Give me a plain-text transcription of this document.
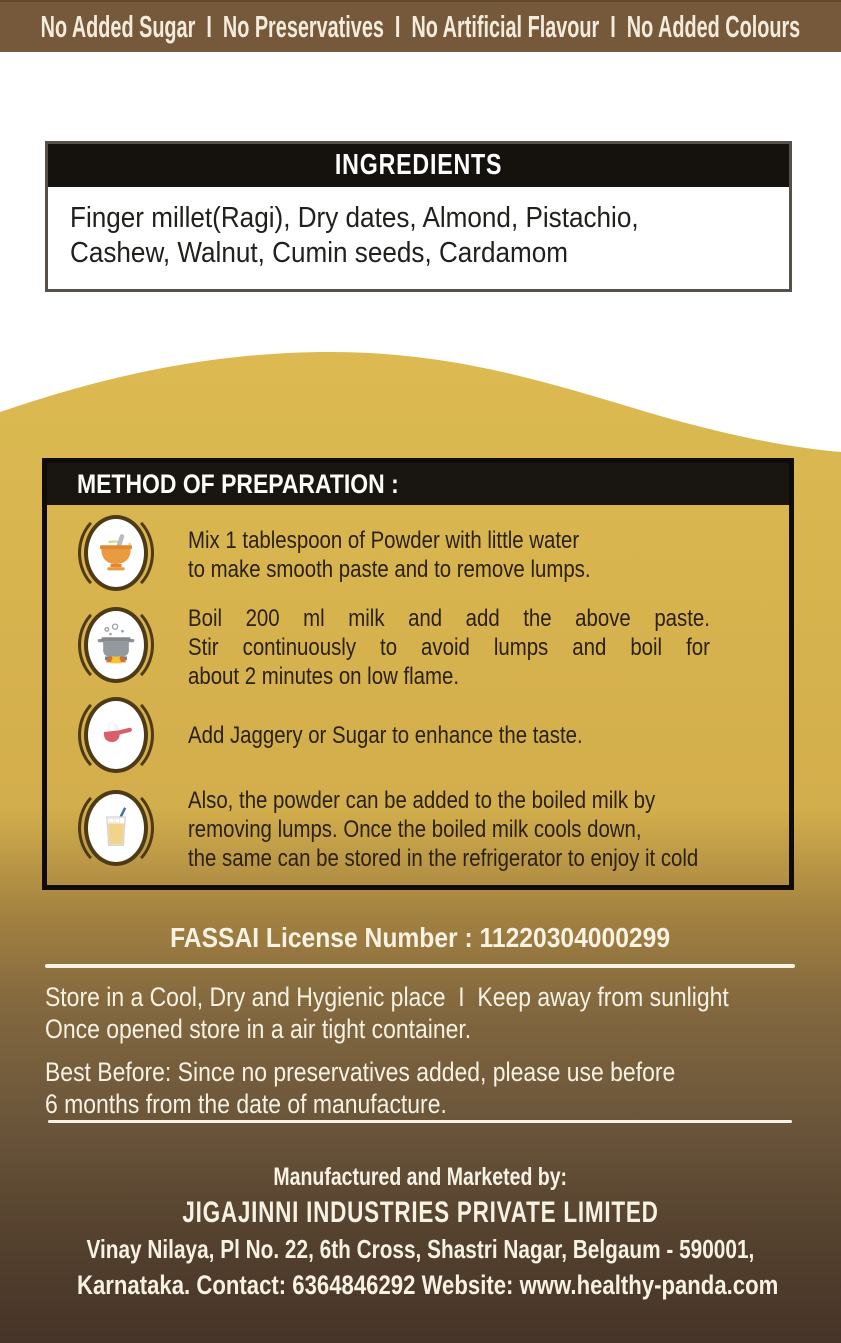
No Added Sugar  I  No Preservatives  I  No Artificial Flavour  I  No Added Colours
INGREDIENTS
Finger millet(Ragi), Dry dates, Almond, Pistachio,
Cashew, Walnut, Cumin seeds, Cardamom
METHOD OF PREPARATION :
Mix 1 tablespoon of Powder with little water
to make smooth paste and to remove lumps.
Boil 200 ml milk and add the above paste.
Stir continuously to avoid lumps and boil for
about 2 minutes on low flame.
Add Jaggery or Sugar to enhance the taste.
Also, the powder can be added to the boiled milk by
removing lumps. Once the boiled milk cools down,
the same can be stored in the refrigerator to enjoy it cold
FASSAI License Number : 11220304000299
Store in a Cool, Dry and Hygienic place  I  Keep away from sunlight
Once opened store in a air tight container.
Best Before: Since no preservatives added, please use before
6 months from the date of manufacture.
Manufactured and Marketed by:
JIGAJINNI INDUSTRIES PRIVATE LIMITED
Vinay Nilaya, Pl No. 22, 6th Cross, Shastri Nagar, Belgaum - 590001,
Karnataka. Contact: 6364846292 Website: www.healthy-panda.com
